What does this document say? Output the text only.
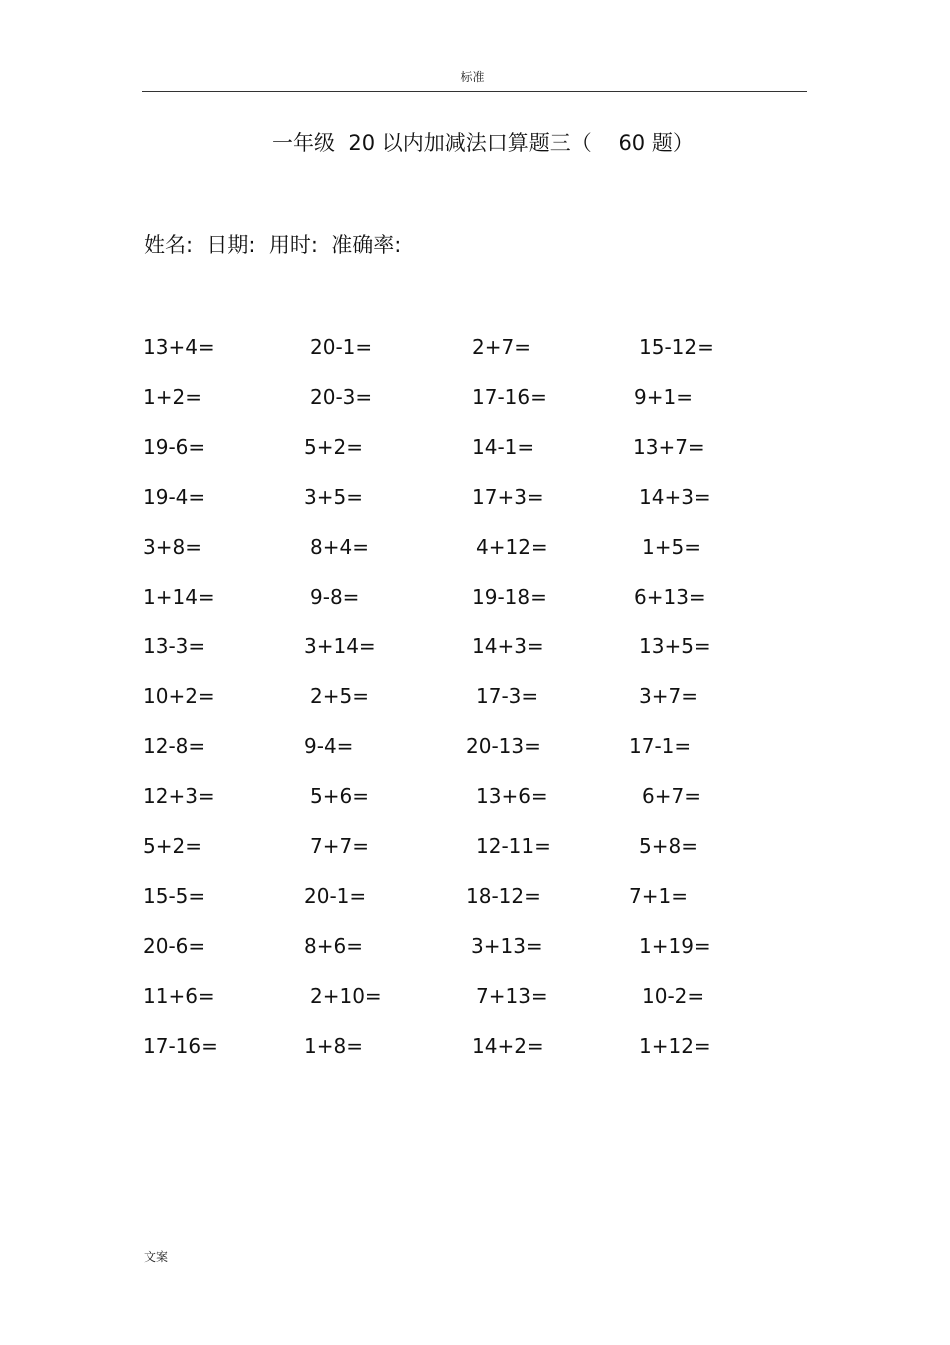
标准
一年级  20 以内加减法口算题三（    60 题）
姓名:  日期:  用时:  准确率:
13+4=	20-1=	2+7=	15-12=
1+2=	20-3=	17-16=	9+1=
19-6=	5+2=	14-1=	13+7=
19-4=	3+5=	17+3=	14+3=
3+8=	8+4=	4+12=	1+5=
1+14=	9-8=	19-18=	6+13=
13-3=	3+14=	14+3=	13+5=
10+2=	2+5=	17-3=	3+7=
12-8=	9-4=	20-13=	17-1=
12+3=	5+6=	13+6=	6+7=
5+2=	7+7=	12-11=	5+8=
15-5=	20-1=	18-12=	7+1=
20-6=	8+6=	3+13=	1+19=
11+6=	2+10=	7+13=	10-2=
17-16=	1+8=	14+2=	1+12=
文案
